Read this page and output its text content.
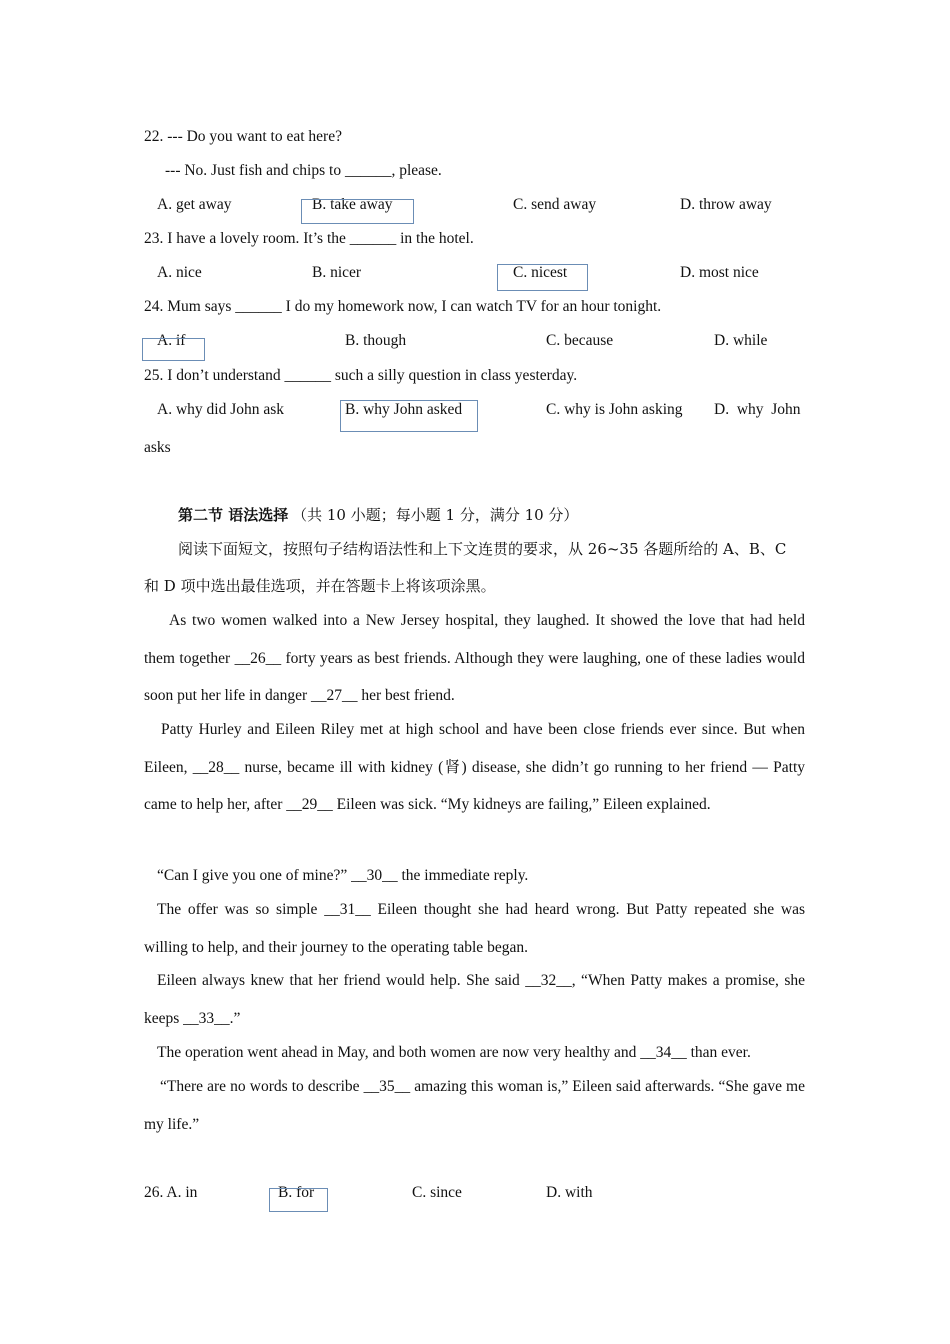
22. --- Do you want to eat here?
--- No. Just fish and chips to ______, please.
A. get away	B. take away	C. send away	D. throw away
23. I have a lovely room. It’s the ______ in the hotel.
A. nice	B. nicer	C. nicest	D. most nice
24. Mum says ______ I do my homework now, I can watch TV for an hour tonight.
A. if	B. though	C. because	D. while
25. I don’t understand ______ such a silly question in class yesterday.
A. why did John ask	B. why John asked	C. why is John asking D.  why  John
asks
第二节 语法选择 （共 10 小题；每小题 1 分，满分 10 分）
阅读下面短文，按照句子结构语法性和上下文连贯的要求，从 26~35 各题所给的 A、B、C
和 D 项中选出最佳选项，并在答题卡上将该项涂黑。
As two women walked into a New Jersey hospital, they laughed. It showed the love that had held them together __26__ forty years as best friends. Although they were laughing, one of these ladies would soon put her life in danger __27__ her best friend.
Patty Hurley and Eileen Riley met at high school and have been close friends ever since. But when Eileen, __28__ nurse, became ill with kidney (肾) disease, she didn’t go running to her friend — Patty came to help her, after __29__ Eileen was sick. “My kidneys are failing,” Eileen explained.
“Can I give you one of mine?” __30__ the immediate reply.
The offer was so simple __31__ Eileen thought she had heard wrong. But Patty repeated she was willing to help, and their journey to the operating table began.
Eileen always knew that her friend would help. She said __32__, “When Patty makes a promise, she keeps __33__.”
The operation went ahead in May, and both women are now very healthy and __34__ than ever.
“There are no words to describe __35__ amazing this woman is,” Eileen said afterwards. “She gave me my life.”
26. A. in	B. for	C. since	D. with
